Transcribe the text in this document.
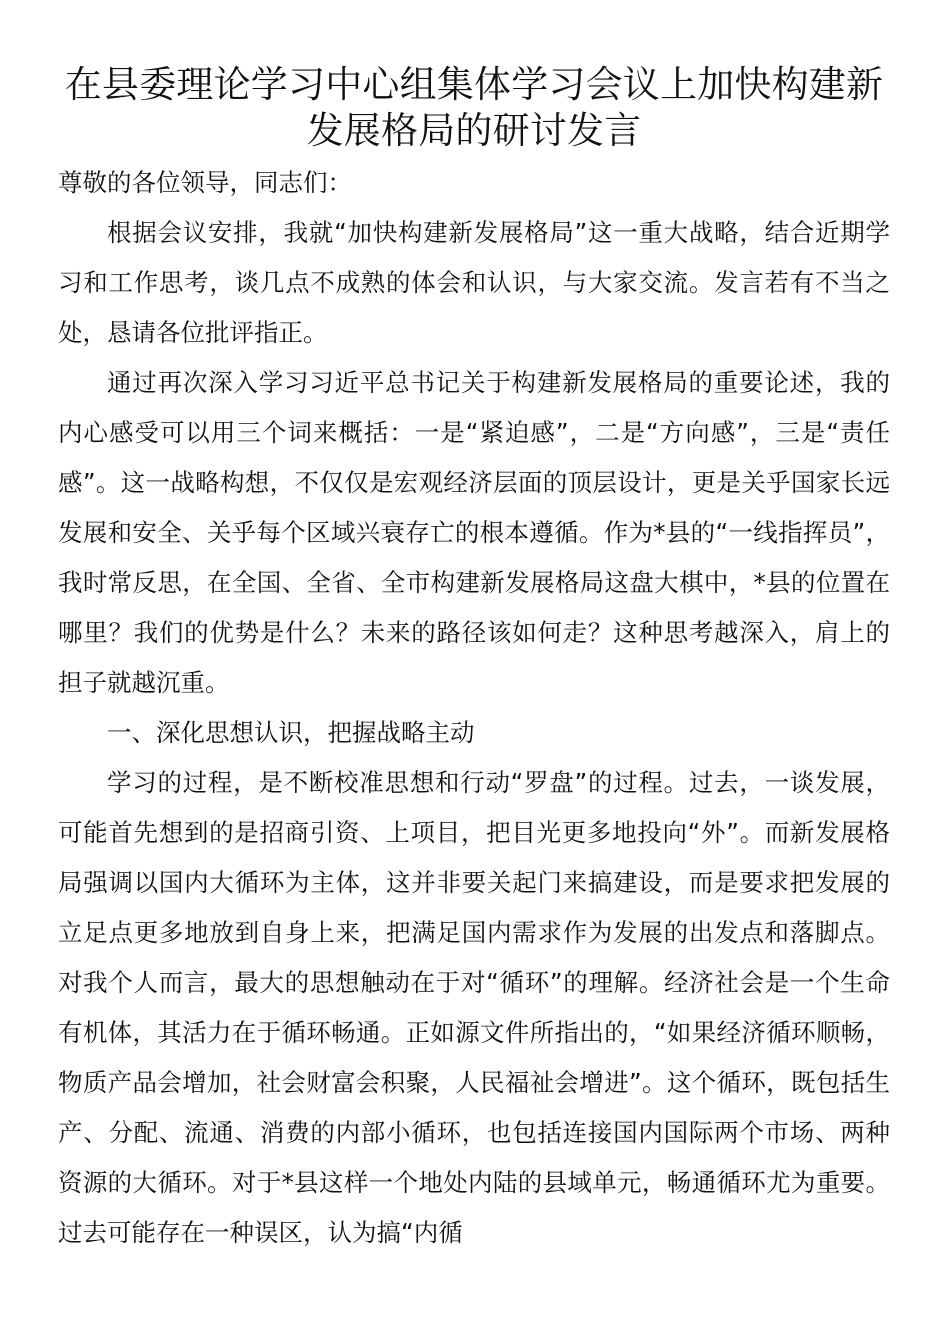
在县委理论学习中心组集体学习会议上加快构建新发展格局的研讨发言

尊敬的各位领导，同志们：

根据会议安排，我就“加快构建新发展格局”这一重大战略，结合近期学习和工作思考，谈几点不成熟的体会和认识，与大家交流。发言若有不当之处，恳请各位批评指正。

通过再次深入学习习近平总书记关于构建新发展格局的重要论述，我的内心感受可以用三个词来概括：一是“紧迫感”，二是“方向感”，三是“责任感”。这一战略构想，不仅仅是宏观经济层面的顶层设计，更是关乎国家长远发展和安全、关乎每个区域兴衰存亡的根本遵循。作为*县的“一线指挥员”，我时常反思，在全国、全省、全市构建新发展格局这盘大棋中，*县的位置在哪里？我们的优势是什么？未来的路径该如何走？这种思考越深入，肩上的担子就越沉重。

一、深化思想认识，把握战略主动

学习的过程，是不断校准思想和行动“罗盘”的过程。过去，一谈发展，可能首先想到的是招商引资、上项目，把目光更多地投向“外”。而新发展格局强调以国内大循环为主体，这并非要关起门来搞建设，而是要求把发展的立足点更多地放到自身上来，把满足国内需求作为发展的出发点和落脚点。对我个人而言，最大的思想触动在于对“循环”的理解。经济社会是一个生命有机体，其活力在于循环畅通。正如源文件所指出的，“如果经济循环顺畅，物质产品会增加，社会财富会积聚，人民福祉会增进”。这个循环，既包括生产、分配、流通、消费的内部小循环，也包括连接国内国际两个市场、两种资源的大循环。对于*县这样一个地处内陆的县域单元，畅通循环尤为重要。过去可能存在一种误区，认为搞“内循
